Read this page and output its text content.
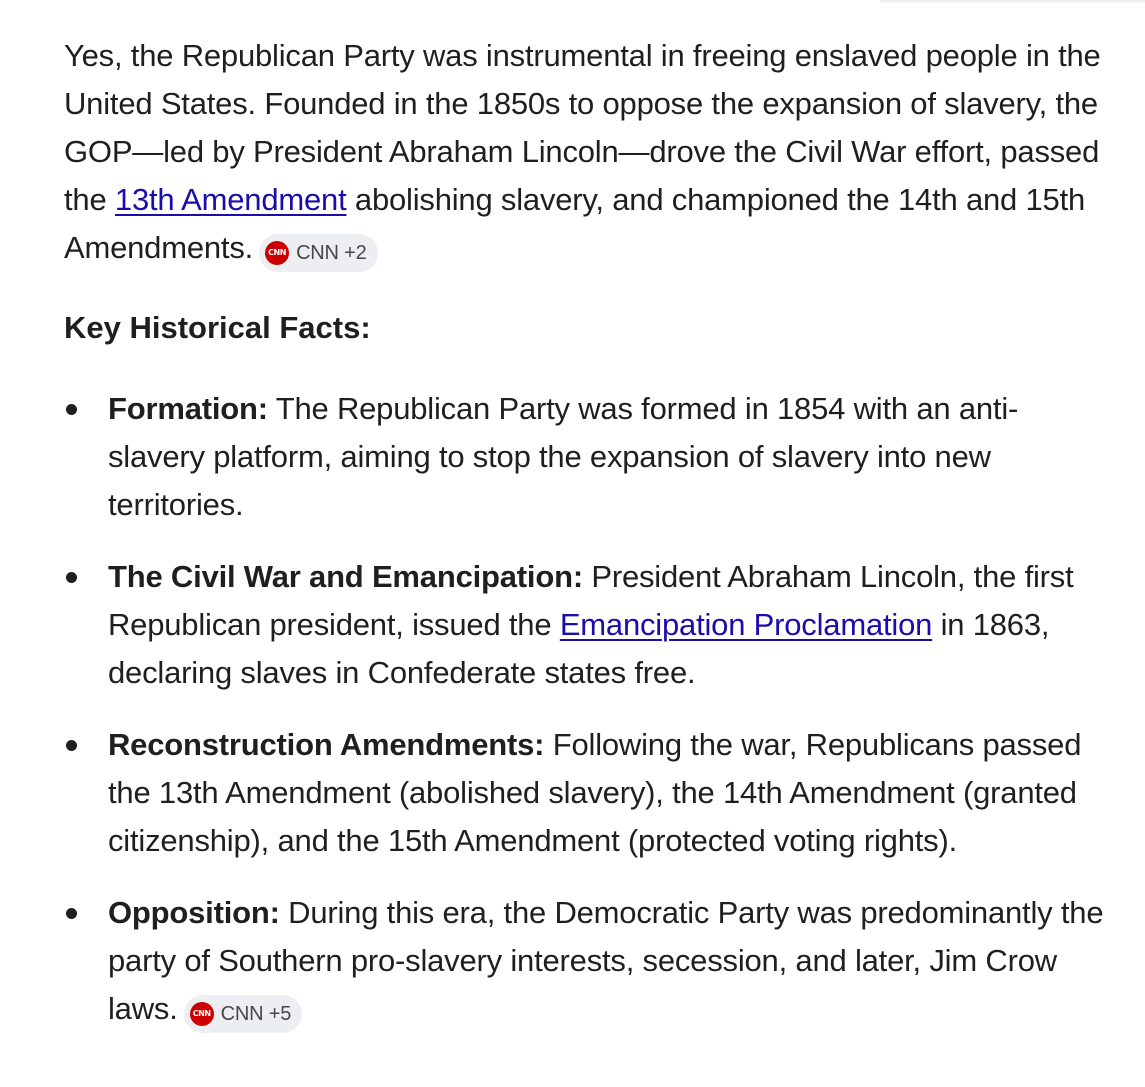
Yes, the Republican Party was instrumental in freeing enslaved people in the United States. Founded in the 1850s to oppose the expansion of slavery, the GOP—led by President Abraham Lincoln—drove the Civil War effort, passed the 13th Amendment abolishing slavery, and championed the 14th and 15th Amendments.	CNN CNN +2

Key Historical Facts:
Formation: The Republican Party was formed in 1854 with an anti-slavery platform, aiming to stop the expansion of slavery into new territories.
The Civil War and Emancipation: President Abraham Lincoln, the first Republican president, issued the Emancipation Proclamation in 1863, declaring slaves in Confederate states free.
Reconstruction Amendments: Following the war, Republicans passed the 13th Amendment (abolished slavery), the 14th Amendment (granted citizenship), and the 15th Amendment (protected voting rights).
Opposition: During this era, the Democratic Party was predominantly the party of Southern pro-slavery interests, secession, and later, Jim Crow laws.	CNN CNN +5
